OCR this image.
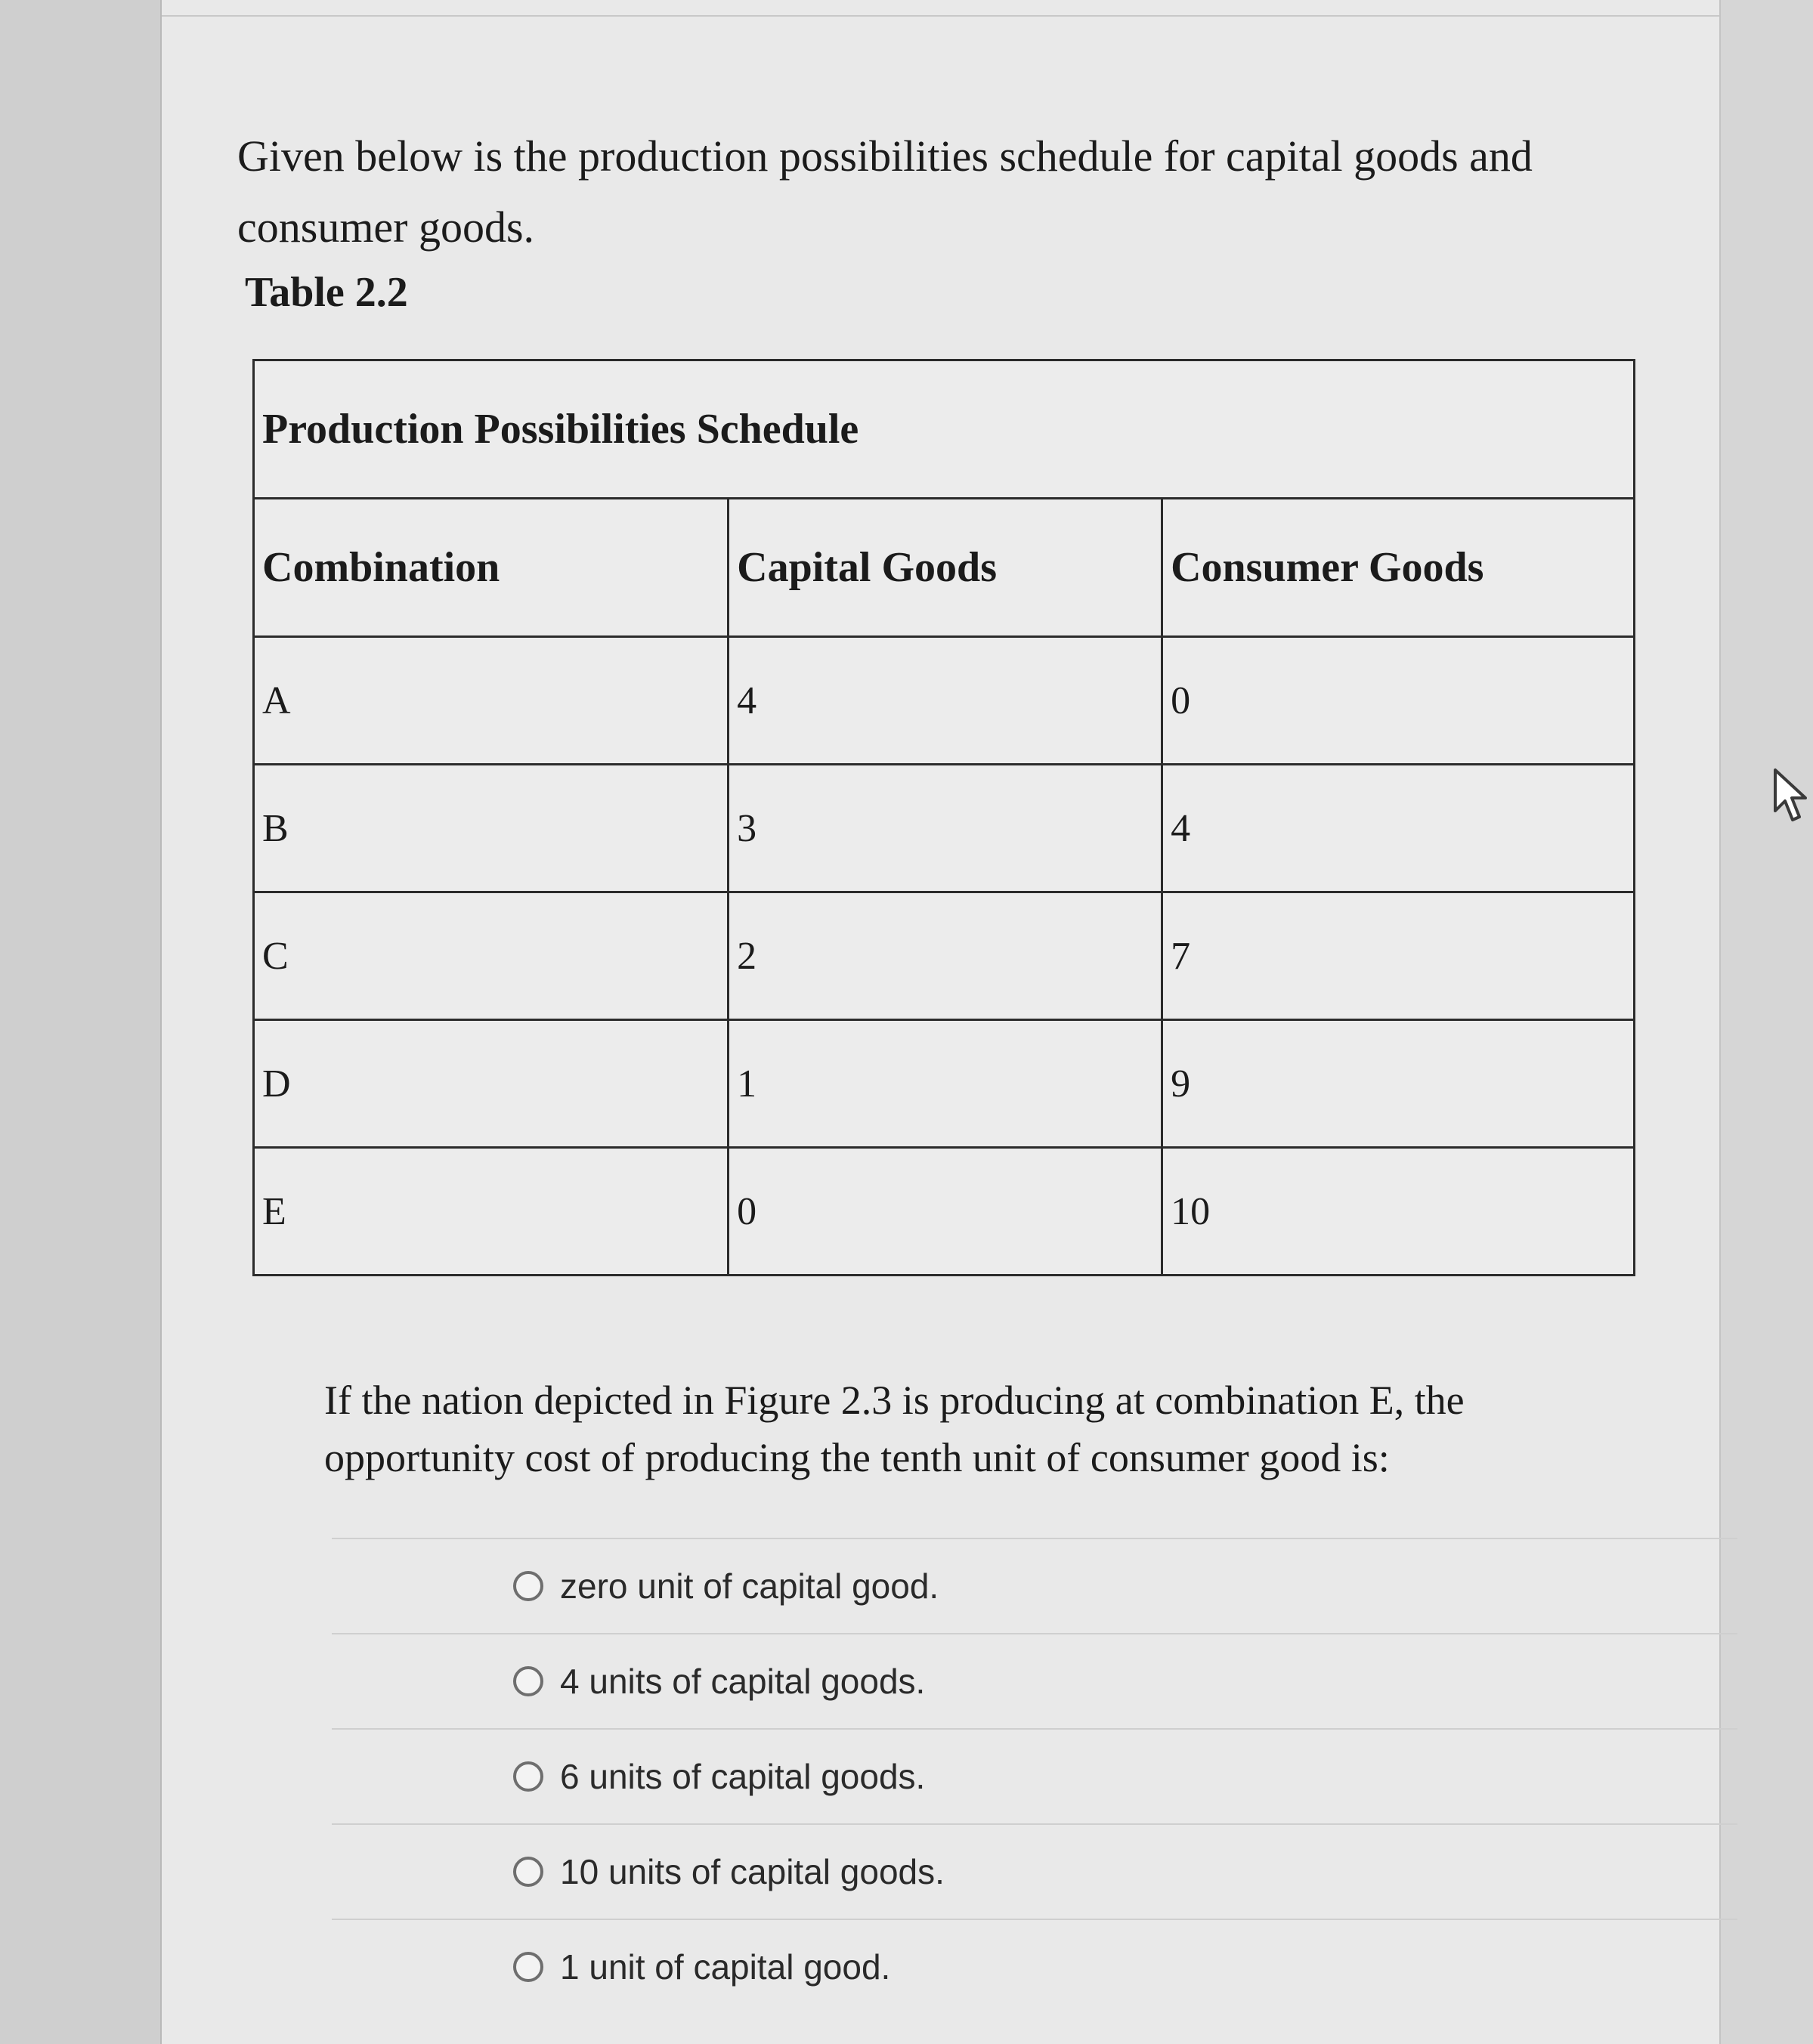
Given below is the production possibilities schedule for capital goods and consumer goods.

Table 2.2

Production Possibilities Schedule		
Combination	Capital Goods	Consumer Goods
A	4	0
B	3	4
C	2	7
D	1	9
E	0	10

If the nation depicted in Figure 2.3 is producing at combination E, the opportunity cost of producing the tenth unit of consumer good is:

zero unit of capital good.
4 units of capital goods.
6 units of capital goods.
10 units of capital goods.
1 unit of capital good.
